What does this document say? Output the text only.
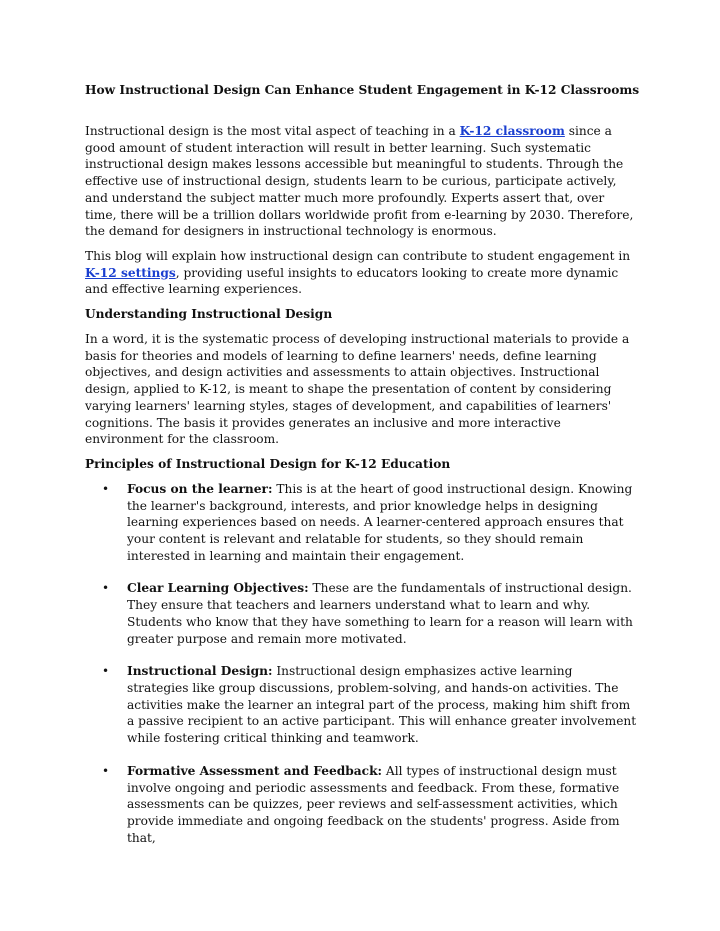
How Instructional Design Can Enhance Student Engagement in K-12 Classrooms

Instructional design is the most vital aspect of teaching in a K-12 classroom since a good amount of student interaction will result in better learning. Such systematic instructional design makes lessons accessible but meaningful to students. Through the effective use of instructional design, students learn to be curious, participate actively, and understand the subject matter much more profoundly. Experts assert that, over time, there will be a trillion dollars worldwide profit from e-learning by 2030. Therefore, the demand for designers in instructional technology is enormous.

This blog will explain how instructional design can contribute to student engagement in K-12 settings, providing useful insights to educators looking to create more dynamic and effective learning experiences.

Understanding Instructional Design

In a word, it is the systematic process of developing instructional materials to provide a basis for theories and models of learning to define learners' needs, define learning objectives, and design activities and assessments to attain objectives. Instructional design, applied to K-12, is meant to shape the presentation of content by considering varying learners' learning styles, stages of development, and capabilities of learners' cognitions. The basis it provides generates an inclusive and more interactive environment for the classroom.

Principles of Instructional Design for K-12 Education
• Focus on the learner: This is at the heart of good instructional design. Knowing the learner's background, interests, and prior knowledge helps in designing learning experiences based on needs. A learner-centered approach ensures that your content is relevant and relatable for students, so they should remain interested in learning and maintain their engagement.
• Clear Learning Objectives: These are the fundamentals of instructional design. They ensure that teachers and learners understand what to learn and why. Students who know that they have something to learn for a reason will learn with greater purpose and remain more motivated.
• Instructional Design: Instructional design emphasizes active learning strategies like group discussions, problem-solving, and hands-on activities. The activities make the learner an integral part of the process, making him shift from a passive recipient to an active participant. This will enhance greater involvement while fostering critical thinking and teamwork.
• Formative Assessment and Feedback: All types of instructional design must involve ongoing and periodic assessments and feedback. From these, formative assessments can be quizzes, peer reviews and self-assessment activities, which provide immediate and ongoing feedback on the students' progress. Aside from that,
